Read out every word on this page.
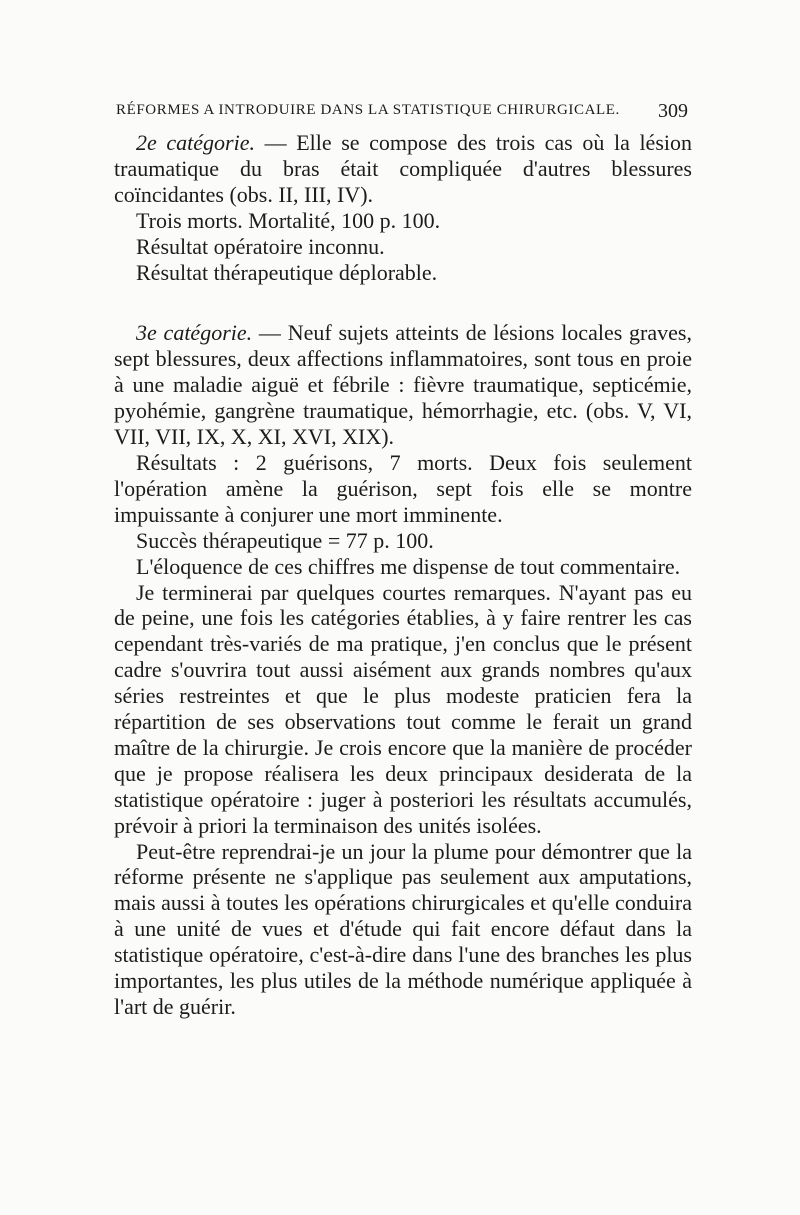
RÉFORMES A INTRODUIRE DANS LA STATISTIQUE CHIRURGICALE. 309

2e catégorie. — Elle se compose des trois cas où la lésion traumatique du bras était compliquée d'autres blessures coïncidantes (obs. II, III, IV).

Trois morts. Mortalité, 100 p. 100.

Résultat opératoire inconnu.

Résultat thérapeutique déplorable.

3e catégorie. — Neuf sujets atteints de lésions locales graves, sept blessures, deux affections inflammatoires, sont tous en proie à une maladie aiguë et fébrile : fièvre traumatique, septicémie, pyohémie, gangrène traumatique, hémorrhagie, etc. (obs. V, VI, VII, VII, IX, X, XI, XVI, XIX).

Résultats : 2 guérisons, 7 morts. Deux fois seulement l'opération amène la guérison, sept fois elle se montre impuissante à conjurer une mort imminente.

Succès thérapeutique = 77 p. 100.

L'éloquence de ces chiffres me dispense de tout commentaire.

Je terminerai par quelques courtes remarques. N'ayant pas eu de peine, une fois les catégories établies, à y faire rentrer les cas cependant très-variés de ma pratique, j'en conclus que le présent cadre s'ouvrira tout aussi aisément aux grands nombres qu'aux séries restreintes et que le plus modeste praticien fera la répartition de ses observations tout comme le ferait un grand maître de la chirurgie. Je crois encore que la manière de procéder que je propose réalisera les deux principaux desiderata de la statistique opératoire : juger à posteriori les résultats accumulés, prévoir à priori la terminaison des unités isolées.

Peut-être reprendrai-je un jour la plume pour démontrer que la réforme présente ne s'applique pas seulement aux amputations, mais aussi à toutes les opérations chirurgicales et qu'elle conduira à une unité de vues et d'étude qui fait encore défaut dans la statistique opératoire, c'est-à-dire dans l'une des branches les plus importantes, les plus utiles de la méthode numérique appliquée à l'art de guérir.
